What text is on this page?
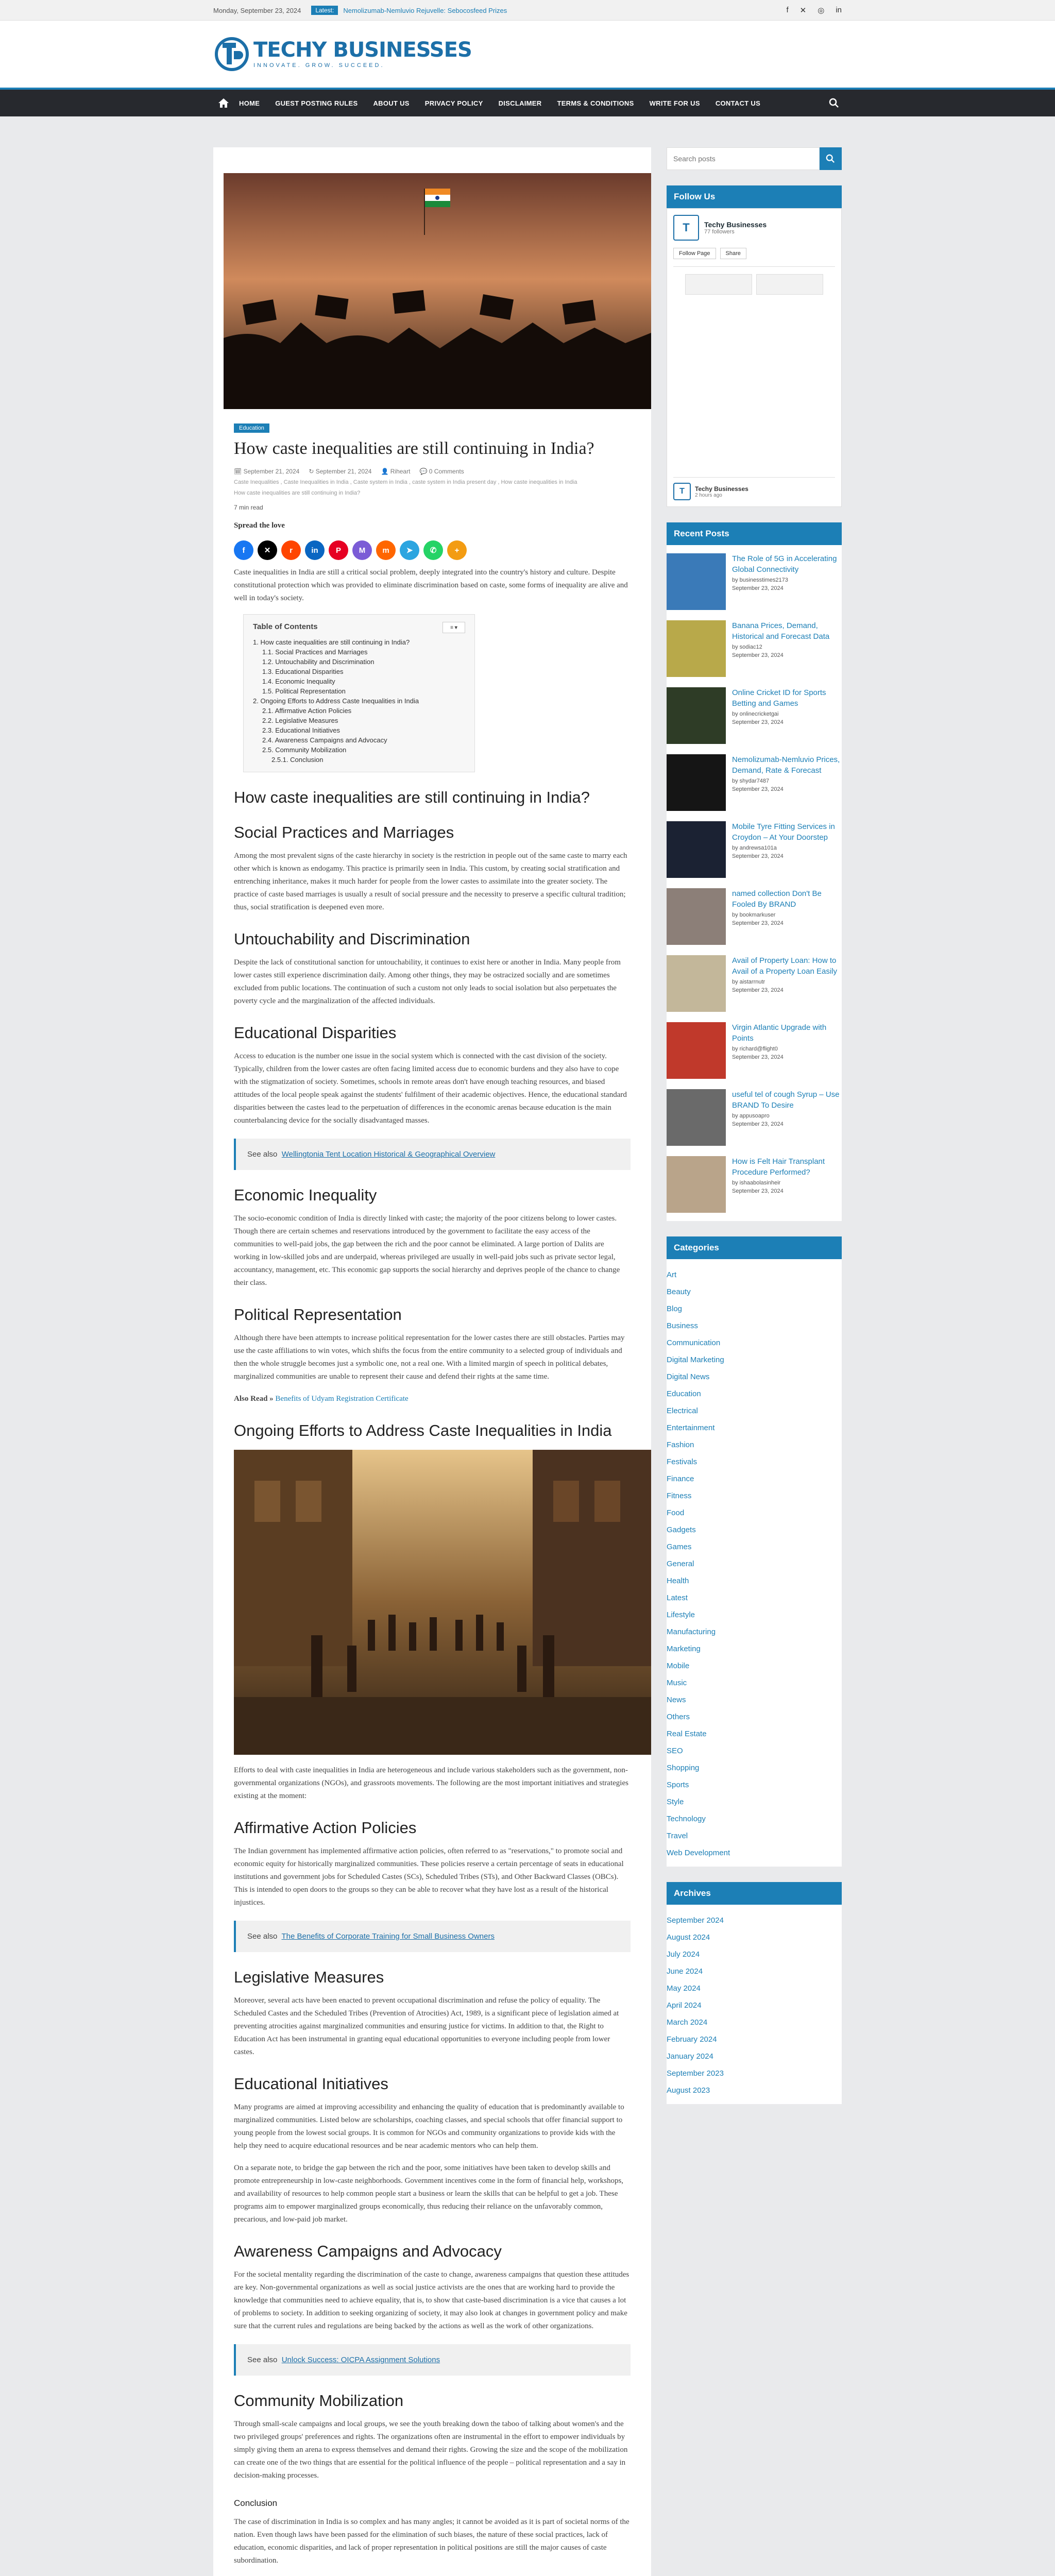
Monday, September 23, 2024	Latest:	Nemolizumab-Nemluvio Rejuvelle: Sebocosfeed Prizes	f ✕ ◎ in
TECHY BUSINESSES
INNOVATE. GROW. SUCCEED.
HOME GUEST POSTING RULES ABOUT US PRIVACY POLICY DISCLAIMER TERMS & CONDITIONS WRITE FOR US CONTACT US
Education
How caste inequalities are still continuing in India?
🗓 September 21, 2024 ↻ September 21, 2024 👤 Riheart 💬 0 Comments
Caste Inequalities , Caste Inequalities in India , Caste system in India , caste system in India present day , How caste inequalities in India
How caste inequalities are still continuing in India?
7 min read
Spread the love
f	✕	r	in	P	M	m	➤	✆	+

Caste inequalities in India are still a critical social problem, deeply integrated into the country's history and culture. Despite constitutional protection which was provided to eliminate discrimination based on caste, some forms of inequality are alive and well in today's society.

Table of Contents	≡ ▾
1. How caste inequalities are still continuing in India?
1.1. Social Practices and Marriages
1.2. Untouchability and Discrimination
1.3. Educational Disparities
1.4. Economic Inequality
1.5. Political Representation
2. Ongoing Efforts to Address Caste Inequalities in India
2.1. Affirmative Action Policies
2.2. Legislative Measures
2.3. Educational Initiatives
2.4. Awareness Campaigns and Advocacy
2.5. Community Mobilization
2.5.1. Conclusion
How caste inequalities are still continuing in India?
Social Practices and Marriages

Among the most prevalent signs of the caste hierarchy in society is the restriction in people out of the same caste to marry each other which is known as endogamy. This practice is primarily seen in India. This custom, by creating social stratification and entrenching inheritance, makes it much harder for people from the lower castes to assimilate into the greater society. The practice of caste based marriages is usually a result of social pressure and the necessity to preserve a specific cultural tradition; thus, social stratification is deepened even more.

Untouchability and Discrimination

Despite the lack of constitutional sanction for untouchability, it continues to exist here or another in India. Many people from lower castes still experience discrimination daily. Among other things, they may be ostracized socially and are sometimes excluded from public locations. The continuation of such a custom not only leads to social isolation but also perpetuates the poverty cycle and the marginalization of the affected individuals.

Educational Disparities

Access to education is the number one issue in the social system which is connected with the cast division of the society. Typically, children from the lower castes are often facing limited access due to economic burdens and they also have to cope with the stigmatization of society. Sometimes, schools in remote areas don't have enough teaching resources, and biased attitudes of the local people speak against the students' fulfilment of their academic objectives. Hence, the educational standard disparities between the castes lead to the perpetuation of differences in the economic arenas because education is the main counterbalancing device for the socially disadvantaged masses.

See also Wellingtonia Tent Location Historical & Geographical Overview
Economic Inequality

The socio-economic condition of India is directly linked with caste; the majority of the poor citizens belong to lower castes. Though there are certain schemes and reservations introduced by the government to facilitate the easy access of the communities to well-paid jobs, the gap between the rich and the poor cannot be eliminated. A large portion of Dalits are working in low-skilled jobs and are underpaid, whereas privileged are usually in well-paid jobs such as private sector legal, accountancy, management, etc. This economic gap supports the social hierarchy and deprives people of the chance to change their class.

Political Representation

Although there have been attempts to increase political representation for the lower castes there are still obstacles. Parties may use the caste affiliations to win votes, which shifts the focus from the entire community to a selected group of individuals and then the whole struggle becomes just a symbolic one, not a real one. With a limited margin of speech in political debates, marginalized communities are unable to represent their cause and defend their rights at the same time.

Also Read » Benefits of Udyam Registration Certificate

Ongoing Efforts to Address Caste Inequalities in India

Efforts to deal with caste inequalities in India are heterogeneous and include various stakeholders such as the government, non-governmental organizations (NGOs), and grassroots movements. The following are the most important initiatives and strategies existing at the moment:

Affirmative Action Policies

The Indian government has implemented affirmative action policies, often referred to as "reservations," to promote social and economic equity for historically marginalized communities. These policies reserve a certain percentage of seats in educational institutions and government jobs for Scheduled Castes (SCs), Scheduled Tribes (STs), and Other Backward Classes (OBCs). This is intended to open doors to the groups so they can be able to recover what they have lost as a result of the historical injustices.

See also The Benefits of Corporate Training for Small Business Owners
Legislative Measures

Moreover, several acts have been enacted to prevent occupational discrimination and refuse the policy of equality. The Scheduled Castes and the Scheduled Tribes (Prevention of Atrocities) Act, 1989, is a significant piece of legislation aimed at preventing atrocities against marginalized communities and ensuring justice for victims. In addition to that, the Right to Education Act has been instrumental in granting equal educational opportunities to everyone including people from lower castes.

Educational Initiatives

Many programs are aimed at improving accessibility and enhancing the quality of education that is predominantly available to marginalized communities. Listed below are scholarships, coaching classes, and special schools that offer financial support to young people from the lowest social groups. It is common for NGOs and community organizations to provide kids with the help they need to acquire educational resources and be near academic mentors who can help them.

On a separate note, to bridge the gap between the rich and the poor, some initiatives have been taken to develop skills and promote entrepreneurship in low-caste neighborhoods. Government incentives come in the form of financial help, workshops, and availability of resources to help common people start a business or learn the skills that can be helpful to get a job. These programs aim to empower marginalized groups economically, thus reducing their reliance on the unfavorably common, precarious, and low-paid job market.

Awareness Campaigns and Advocacy

For the societal mentality regarding the discrimination of the caste to change, awareness campaigns that question these attitudes are key. Non-governmental organizations as well as social justice activists are the ones that are working hard to provide the knowledge that communities need to achieve equality, that is, to show that caste-based discrimination is a vice that causes a lot of problems to society. In addition to seeking organizing of society, it may also look at changes in government policy and make sure that the current rules and regulations are being backed by the actions as well as the work of other organizations.

See also Unlock Success: OICPA Assignment Solutions
Community Mobilization

Through small-scale campaigns and local groups, we see the youth breaking down the taboo of talking about women's and the two privileged groups' preferences and rights. The organizations often are instrumental in the effort to empower individuals by simply giving them an arena to express themselves and demand their rights. Growing the size and the scope of the mobilization can create one of the two things that are essential for the political influence of the people – political representation and a say in decision-making processes.

Conclusion

The case of discrimination in India is so complex and has many angles; it cannot be avoided as it is part of societal norms of the nation. Even though laws have been passed for the elimination of such biases, the nature of these social practices, lack of education, economic disparities, and lack of proper representation in political positions are still the major causes of caste subordination.

Search posts
Follow Us
T	Techy Businesses
77 followers
Follow Page	Share
T	Techy Businesses
2 hours ago
Recent Posts
The Role of 5G in Accelerating Global Connectivity
by businesstimes2173
September 23, 2024
Banana Prices, Demand, Historical and Forecast Data
by sodiac12
September 23, 2024
Online Cricket ID for Sports Betting and Games
by onlinecricketgai
September 23, 2024
Nemolizumab-Nemluvio Prices, Demand, Rate & Forecast
by shydar7487
September 23, 2024
Mobile Tyre Fitting Services in Croydon – At Your Doorstep
by andrewsa101a
September 23, 2024
named collection Don't Be Fooled By BRAND
by bookmarkuser
September 23, 2024
Avail of Property Loan: How to Avail of a Property Loan Easily
by aistarrnutr
September 23, 2024
Virgin Atlantic Upgrade with Points
by richard@flight0
September 23, 2024
useful tel of cough Syrup – Use BRAND To Desire
by appusoapro
September 23, 2024
How is Felt Hair Transplant Procedure Performed?
by ishaabolasinheir
September 23, 2024
Categories
Art
Beauty
Blog
Business
Communication
Digital Marketing
Digital News
Education
Electrical
Entertainment
Fashion
Festivals
Finance
Fitness
Food
Gadgets
Games
General
Health
Latest
Lifestyle
Manufacturing
Marketing
Mobile
Music
News
Others
Real Estate
SEO
Shopping
Sports
Style
Technology
Travel
Web Development
Archives
September 2024
August 2024
July 2024
June 2024
May 2024
April 2024
March 2024
February 2024
January 2024
September 2023
August 2023
